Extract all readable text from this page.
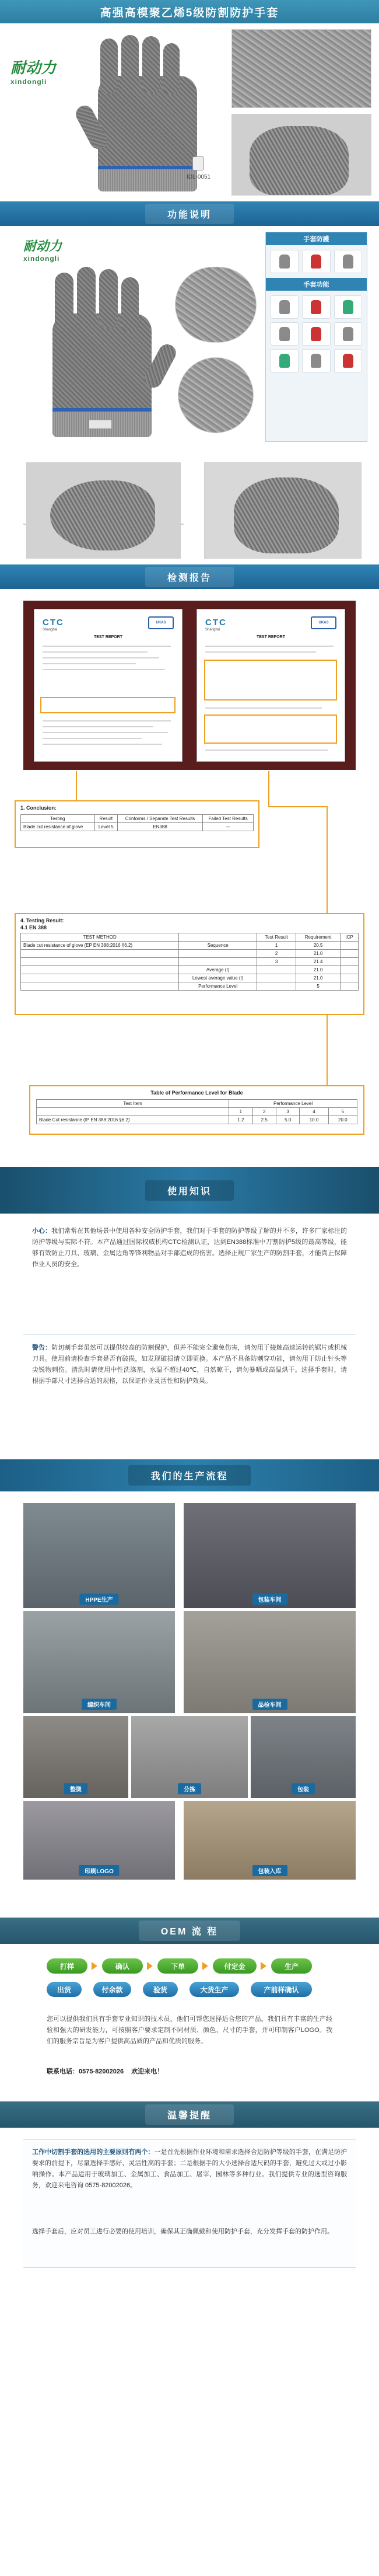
高强高模聚乙烯5级防割防护手套
耐动力
xindongli
IDL-0051
功能说明
耐动力
xindongli
手套防護
手套功能
检测报告
CTC
Shanghai
UKAS
TEST REPORT
CTC
Shanghai
UKAS
TEST REPORT
1. Conclusion:
Testing	Result	Conforms / Separate Test Results	Failed Test Results
Blade cut resistance of glove	Level 5	EN388	—
4. Testing Result:
4.1 EN 388
TEST METHOD		Test Result	Requirement	ICP
Blade cut resistance of glove (EP EN 388:2016 §6.2)	Sequence	1	20.5	
		2	21.0	
		3	21.4	
	Average (I)		21.0	
	Lowest average value (I)		21.0	
	Performance Level		5	
Table of Performance Level for Blade
Test Item	Performance Level				
	1	2	3	4	5
Blade Cut resistance (IP EN 388:2016 §6.2)	1.2	2.5	5.0	10.0	20.0
使用知识
小心：我们常常在其他场景中使用各种安全防护手套，我们对于手套的防护等级了解的并不多，许多厂家标注的防护等级与实际不符。本产品通过国际权威机构CTC检测认证，达到EN388标准中刀割防护5级的最高等级，能够有效防止刀具、玻璃、金属边角等锋利物品对手部造成的伤害。选择正规厂家生产的防割手套，才能真正保障作业人员的安全。
警告：防切割手套虽然可以提供较高的防割保护，但并不能完全避免伤害，请勿用于接触高速运转的锯片或机械刀具。使用前请检查手套是否有破损，如发现破损请立即更换。本产品不具备防刺穿功能，请勿用于防止针头等尖锐物刺伤。清洗时请使用中性洗涤剂，水温不超过40℃，自然晾干，请勿暴晒或高温烘干。选择手套时，请根据手部尺寸选择合适的规格，以保证作业灵活性和防护效果。
我们的生产流程
HPPE生产
编织车间
包装车间
品检车间
整烫	分拣	包装
印刷LOGO	包装入库
OEM 流 程
打样	确认	下单	付定金	生产
出货	付余款	验货	大货生产	产前样确认
您可以提供我们具有手套专业知识的技术员，他们可帮您选择适合您的产品。我们具有丰富的生产经验和强大的研发能力，可按照客户要求定制不同材质、颜色、尺寸的手套，并可印制客户LOGO。我们的服务宗旨是为客户提供高品质的产品和优质的服务。
联系电话：0575-82002026 欢迎来电！
温馨提醒
工作中切割手套的选用的主要原则有两个：一是首先根据作业环境和需求选择合适防护等级的手套，在满足防护要求的前提下，尽量选择手感好、灵活性高的手套；二是根据手的大小选择合适尺码的手套，避免过大或过小影响操作。本产品适用于玻璃加工、金属加工、食品加工、屠宰、园林等多种行业。我们提供专业的选型咨询服务，欢迎来电咨询 0575-82002026。
选择手套后，应对员工进行必要的使用培训，确保其正确佩戴和使用防护手套，充分发挥手套的防护作用。
